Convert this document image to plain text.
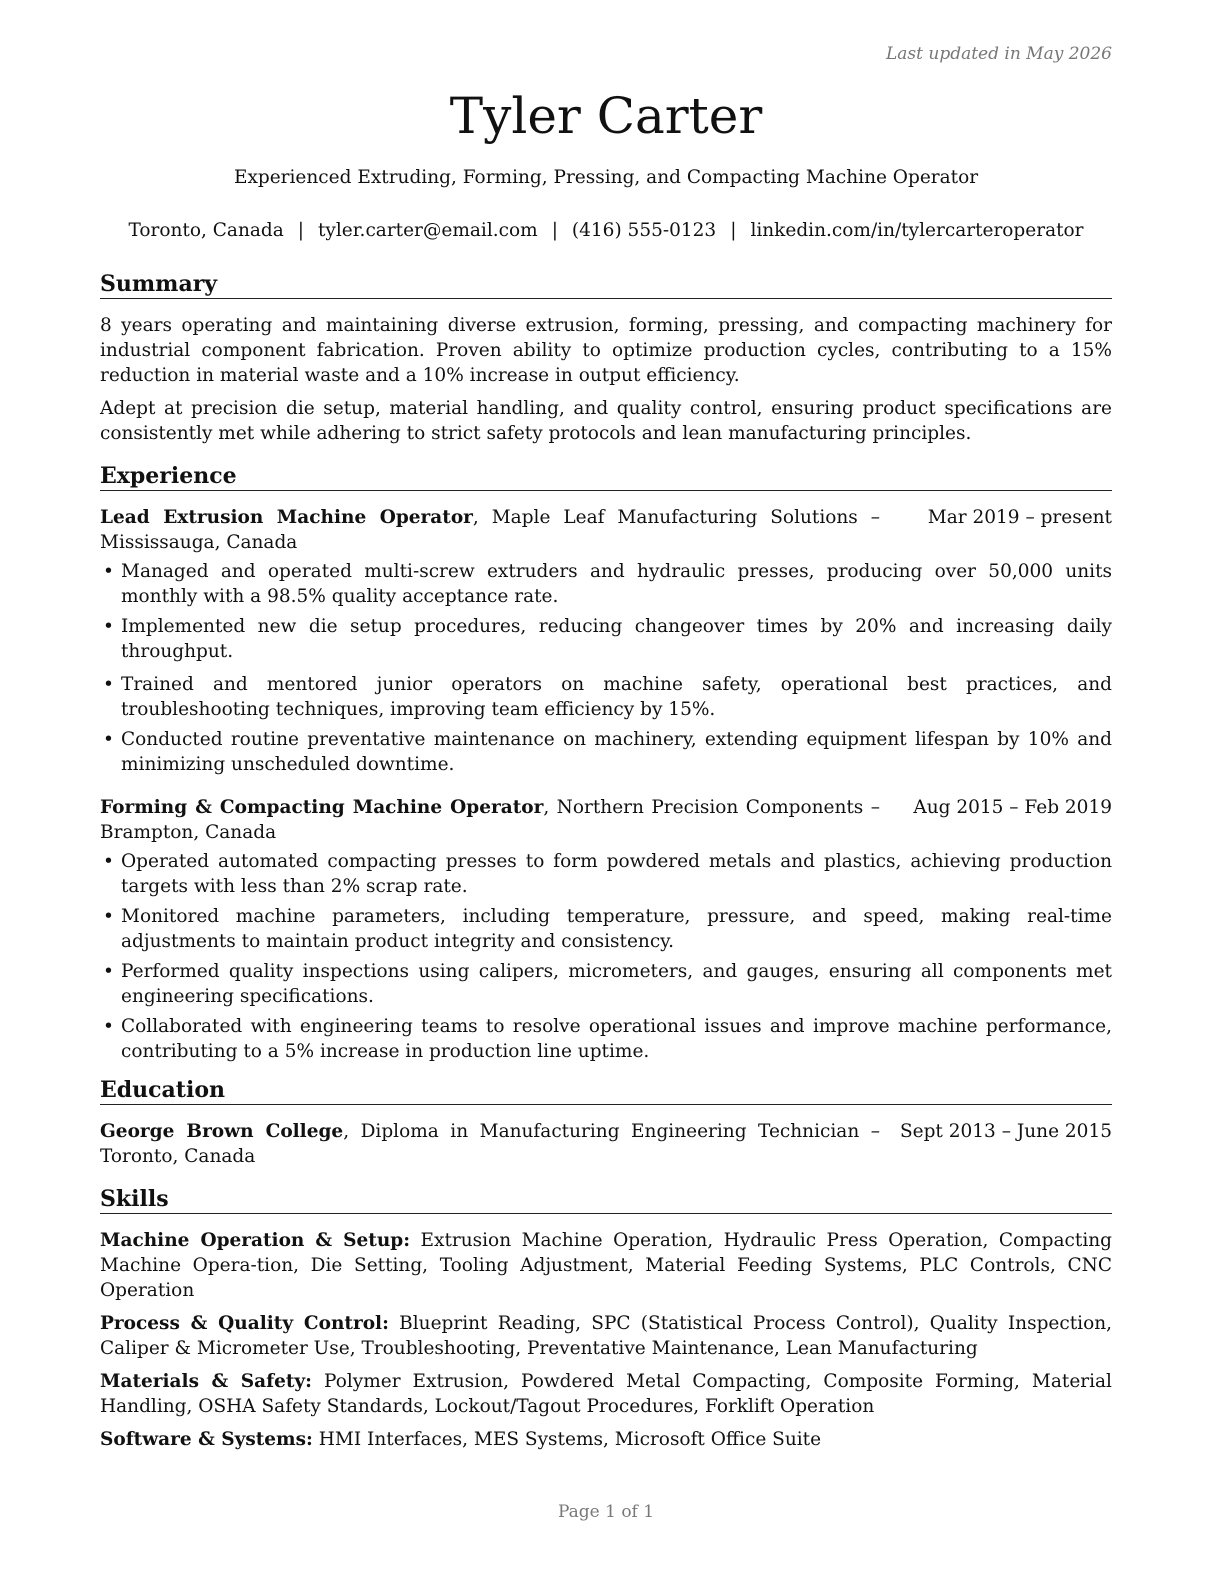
Last updated in May 2026
Tyler Carter
Experienced Extruding, Forming, Pressing, and Compacting Machine Operator
Toronto, Canada | tyler.carter@email.com | (416) 555-0123 | linkedin.com/in/tylercarteroperator
Summary

8 years operating and maintaining diverse extrusion, forming, pressing, and compacting machinery for industrial component fabrication. Proven ability to optimize production cycles, contributing to a 15% reduction in material waste and a 10% increase in output efficiency.

Adept at precision die setup, material handling, and quality control, ensuring product specifications are consistently met while adhering to strict safety protocols and lean manufacturing principles.

Experience
Lead Extrusion Machine Operator, Maple Leaf Manufacturing Solutions – Mississauga, Canada
Mar 2019 – present
• Managed and operated multi-screw extruders and hydraulic presses, producing over 50,000 units monthly with a 98.5% quality acceptance rate.
• Implemented new die setup procedures, reducing changeover times by 20% and increasing daily throughput.
• Trained and mentored junior operators on machine safety, operational best practices, and troubleshooting techniques, improving team efficiency by 15%.
• Conducted routine preventative maintenance on machinery, extending equipment lifespan by 10% and minimizing unscheduled downtime.
Forming & Compacting Machine Operator, Northern Precision Components – Brampton, Canada
Aug 2015 – Feb 2019
• Operated automated compacting presses to form powdered metals and plastics, achieving production targets with less than 2% scrap rate.
• Monitored machine parameters, including temperature, pressure, and speed, making real-time adjustments to maintain product integrity and consistency.
• Performed quality inspections using calipers, micrometers, and gauges, ensuring all components met engineering specifications.
• Collaborated with engineering teams to resolve operational issues and improve machine performance, contributing to a 5% increase in production line uptime.
Education
George Brown College, Diploma in Manufacturing Engineering Technician – Toronto, Canada
Sept 2013 – June 2015
Skills

Machine Operation & Setup: Extrusion Machine Operation, Hydraulic Press Operation, Compacting Machine Opera-tion, Die Setting, Tooling Adjustment, Material Feeding Systems, PLC Controls, CNC Operation

Process & Quality Control: Blueprint Reading, SPC (Statistical Process Control), Quality Inspection, Caliper & Micrometer Use, Troubleshooting, Preventative Maintenance, Lean Manufacturing

Materials & Safety: Polymer Extrusion, Powdered Metal Compacting, Composite Forming, Material Handling, OSHA Safety Standards, Lockout/Tagout Procedures, Forklift Operation

Software & Systems: HMI Interfaces, MES Systems, Microsoft Office Suite

Page 1 of 1
